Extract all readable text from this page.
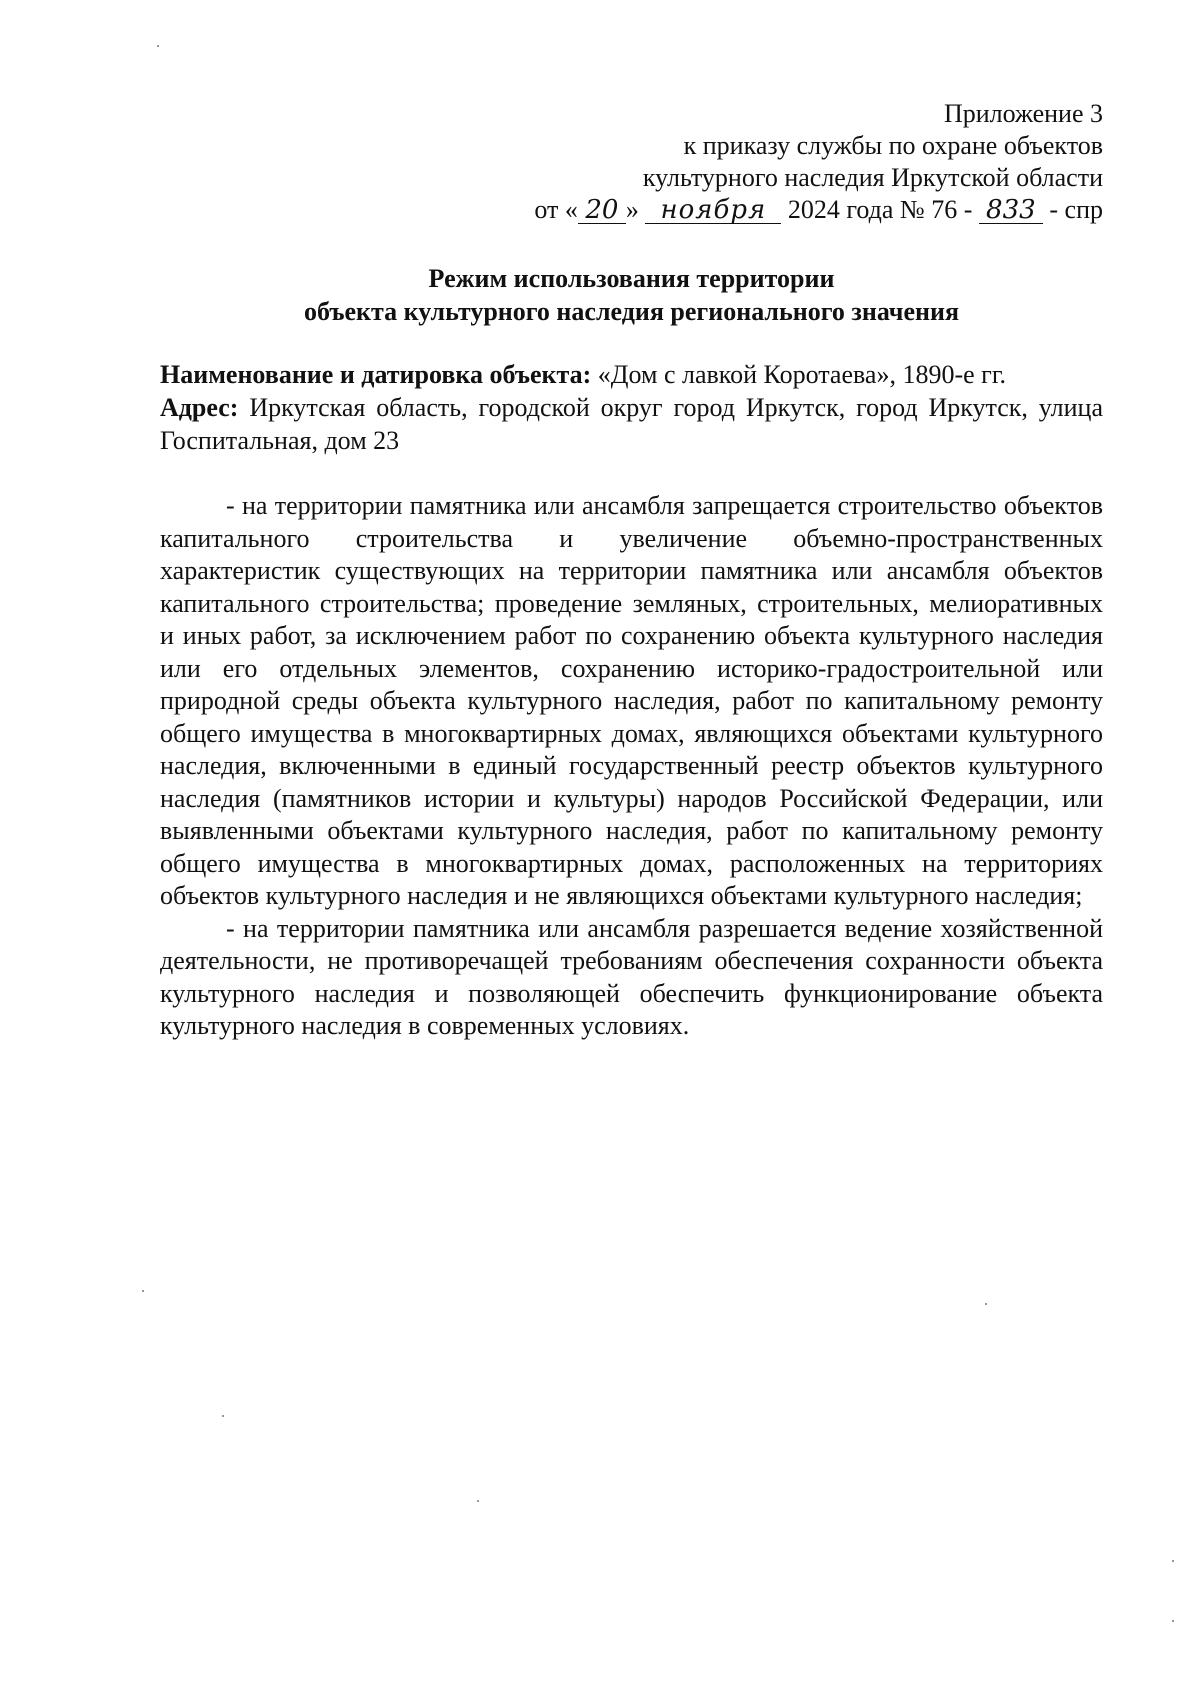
Приложение 3
к приказу службы по охране объектов
культурного наследия Иркутской области
от « 20 » ноября 2024 года № 76 - 833 - спр
Режим использования территории
объекта культурного наследия регионального значения
Наименование и датировка объекта: «Дом с лавкой Коротаева», 1890-е гг.
Адрес: Иркутская область, городской округ город Иркутск, город Иркутск, улица Госпитальная, дом 23

- на территории памятника или ансамбля запрещается строительство объектов капитального строительства и увеличение объемно-пространственных характеристик существующих на территории памятника или ансамбля объектов капитального строительства; проведение земляных, строительных, мелиоративных и иных работ, за исключением работ по сохранению объекта культурного наследия или его отдельных элементов, сохранению историко-градостроительной или природной среды объекта культурного наследия, работ по капитальному ремонту общего имущества в многоквартирных домах, являющихся объектами культурного наследия, включенными в единый государственный реестр объектов культурного наследия (памятников истории и культуры) народов Российской Федерации, или выявленными объектами культурного наследия, работ по капитальному ремонту общего имущества в многоквартирных домах, расположенных на территориях объектов культурного наследия и не являющихся объектами культурного наследия;

- на территории памятника или ансамбля разрешается ведение хозяйственной деятельности, не противоречащей требованиям обеспечения сохранности объекта культурного наследия и позволяющей обеспечить функционирование объекта культурного наследия в современных условиях.
